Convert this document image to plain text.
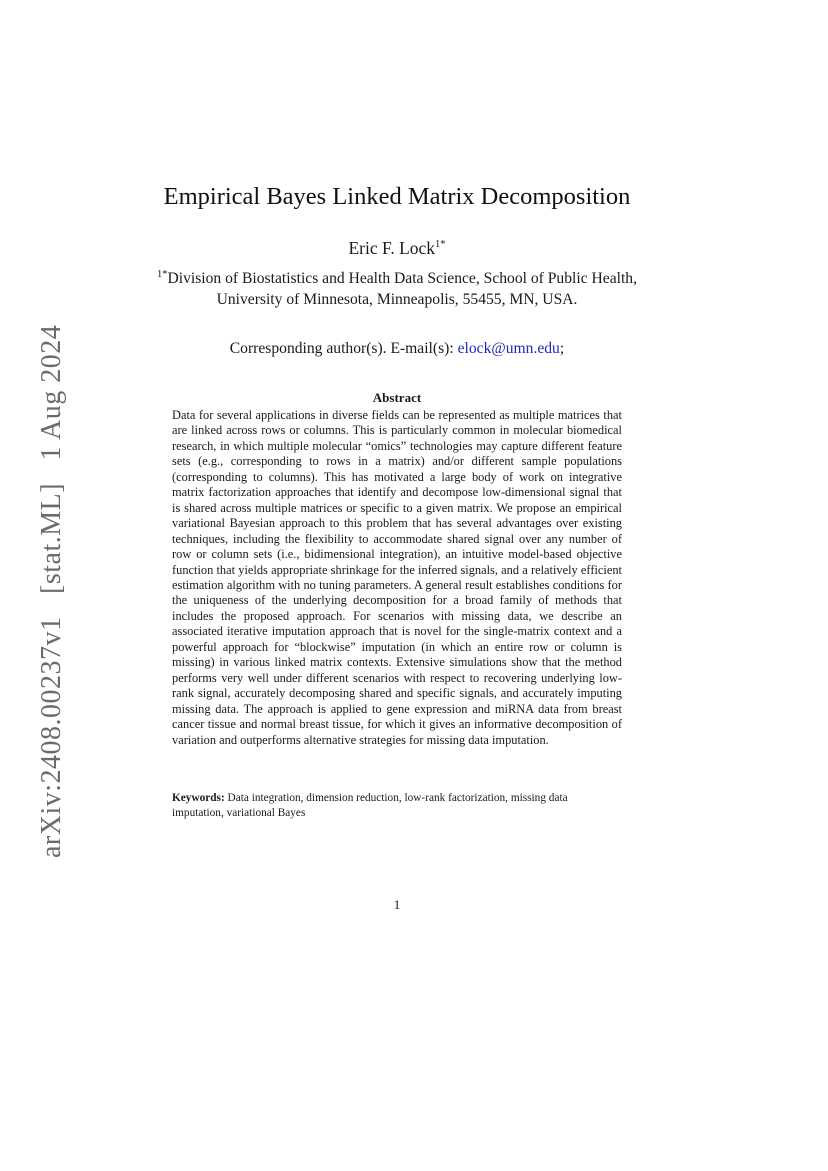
arXiv:2408.00237v1   [stat.ML]   1 Aug 2024
Empirical Bayes Linked Matrix Decomposition
Eric F. Lock$^{1*}$
$^{1*}$Division of Biostatistics and Health Data Science, School of Public Health, University of Minnesota, Minneapolis, 55455, MN, USA.
Corresponding author(s). E-mail(s): elock@umn.edu;
Abstract
Data for several applications in diverse fields can be represented as multiple matrices that are linked across rows or columns. This is particularly common in molecular biomedical research, in which multiple molecular “omics” technologies may capture different feature sets (e.g., corresponding to rows in a matrix) and/or different sample populations (corresponding to columns). This has motivated a large body of work on integrative matrix factorization approaches that identify and decompose low-dimensional signal that is shared across multiple matrices or specific to a given matrix. We propose an empirical variational Bayesian approach to this problem that has several advantages over existing techniques, including the flexibility to accommodate shared signal over any number of row or column sets (i.e., bidimensional integration), an intuitive model-based objective function that yields appropriate shrinkage for the inferred signals, and a relatively efficient estimation algorithm with no tuning parameters. A general result establishes conditions for the uniqueness of the underlying decomposition for a broad family of methods that includes the proposed approach. For scenarios with missing data, we describe an associated iterative imputation approach that is novel for the single-matrix context and a powerful approach for “blockwise” imputation (in which an entire row or column is missing) in various linked matrix contexts. Extensive simulations show that the method performs very well under different scenarios with respect to recovering underlying low-rank signal, accurately decomposing shared and specific signals, and accurately imputing missing data. The approach is applied to gene expression and miRNA data from breast cancer tissue and normal breast tissue, for which it gives an informative decomposition of variation and outperforms alternative strategies for missing data imputation.
Keywords: Data integration, dimension reduction, low-rank factorization, missing data imputation, variational Bayes
1
